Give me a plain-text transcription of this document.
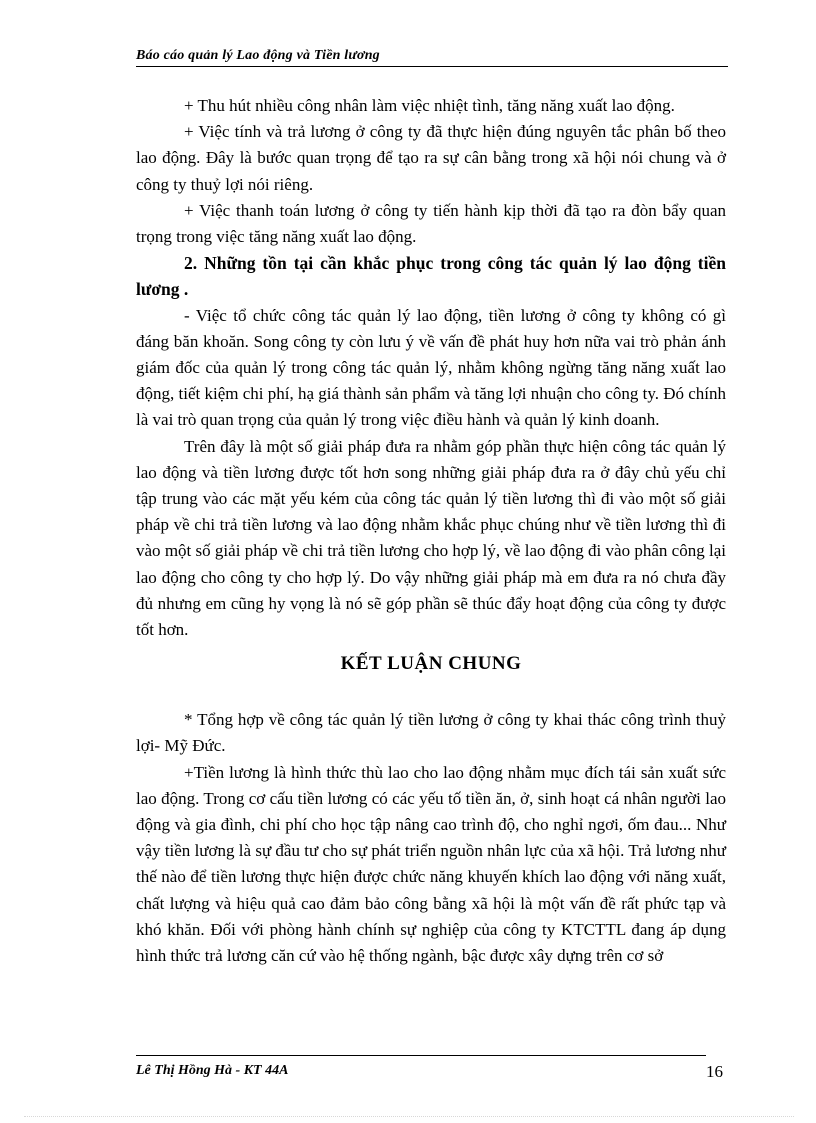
Báo cáo quản lý Lao động và Tiền lương

+ Thu hút nhiều công nhân làm việc nhiệt tình, tăng năng xuất lao động.

+ Việc tính và trả lương ở công ty đã thực hiện đúng nguyên tắc phân bố theo lao động. Đây là bước quan trọng để tạo ra sự cân bằng trong xã hội nói chung và ở công ty thuỷ lợi nói riêng.

+ Việc thanh toán lương ở công ty tiến hành kịp thời đã tạo ra đòn bẩy quan trọng trong việc tăng năng xuất lao động.

2. Những tồn tại cần khắc phục trong công tác quản lý lao động tiền lương .

- Việc tổ chức công tác quản lý lao động, tiền lương ở công ty không có gì đáng băn khoăn. Song công ty còn lưu ý về vấn đề phát huy hơn nữa vai trò phản ánh giám đốc của quản lý trong công tác quản lý, nhằm không ngừng tăng năng xuất lao động, tiết kiệm chi phí, hạ giá thành sản phẩm và tăng lợi nhuận cho công ty. Đó chính là vai trò quan trọng của quản lý trong việc điều hành và quản lý kinh doanh.

Trên đây là một số giải pháp đưa ra nhằm góp phần thực hiện công tác quản lý lao động và tiền lương được tốt hơn song những giải pháp đưa ra ở đây chủ yếu chỉ tập trung vào các mặt yếu kém của công tác quản lý tiền lương thì đi vào một số giải pháp về chi trả tiền lương và lao động nhằm khắc phục chúng như về tiền lương thì đi vào một số giải pháp về chi trả tiền lương cho hợp lý, về lao động đi vào phân công lại lao động cho công ty cho hợp lý. Do vậy những giải pháp mà em đưa ra nó chưa đầy đủ nhưng em cũng hy vọng là nó sẽ góp phần sẽ thúc đẩy hoạt động của công ty được tốt hơn.

KẾT LUẬN CHUNG

* Tổng hợp về công tác quản lý tiền lương ở công ty khai thác công trình thuỷ lợi- Mỹ Đức.

+Tiền lương là hình thức thù lao cho lao động nhằm mục đích tái sản xuất sức lao động. Trong cơ cấu tiền lương có các yếu tố tiền ăn, ở, sinh hoạt cá nhân người lao động và gia đình, chi phí cho học tập nâng cao trình độ, cho nghỉ ngơi, ốm đau... Như vậy tiền lương là sự đầu tư cho sự phát triển nguồn nhân lực của xã hội. Trả lương như thế nào để tiền lương thực hiện được chức năng khuyến khích lao động với năng xuất, chất lượng và hiệu quả cao đảm bảo công bằng xã hội là một vấn đề rất phức tạp và khó khăn. Đối với phòng hành chính sự nghiệp của công ty KTCTTL đang áp dụng hình thức trả lương căn cứ vào hệ thống ngành, bậc được xây dựng trên cơ sở

Lê Thị Hồng Hà - KT 44A	16
